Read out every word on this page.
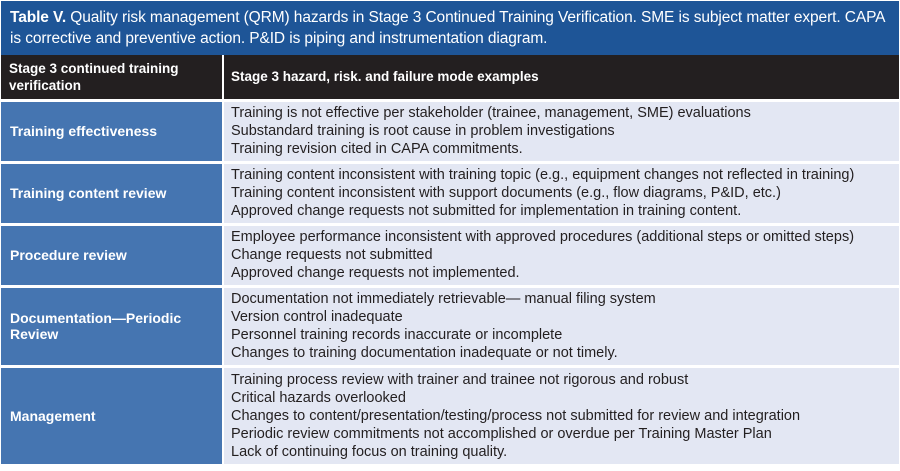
Table V. Quality risk management (QRM) hazards in Stage 3 Continued Training Verification. SME is subject matter expert. CAPA is corrective and preventive action. P&ID is piping and instrumentation diagram.
Stage 3 continued training verification	Stage 3 hazard, risk. and failure mode examples
Training effectiveness	Training is not effective per stakeholder (trainee, management, SME) evaluations
Substandard training is root cause in problem investigations
Training revision cited in CAPA commitments.

Training content review	Training content inconsistent with training topic (e.g., equipment changes not reflected in training)
Training content inconsistent with support documents (e.g., flow diagrams, P&ID, etc.)
Approved change requests not submitted for implementation in training content.

Procedure review	Employee performance inconsistent with approved procedures (additional steps or omitted steps)
Change requests not submitted
Approved change requests not implemented.

Documentation—Periodic Review	Documentation not immediately retrievable— manual filing system
Version control inadequate
Personnel training records inaccurate or incomplete
Changes to training documentation inadequate or not timely.

Management	Training process review with trainer and trainee not rigorous and robust
Critical hazards overlooked
Changes to content/presentation/testing/process not submitted for review and integration
Periodic review commitments not accomplished or overdue per Training Master Plan
Lack of continuing focus on training quality.
